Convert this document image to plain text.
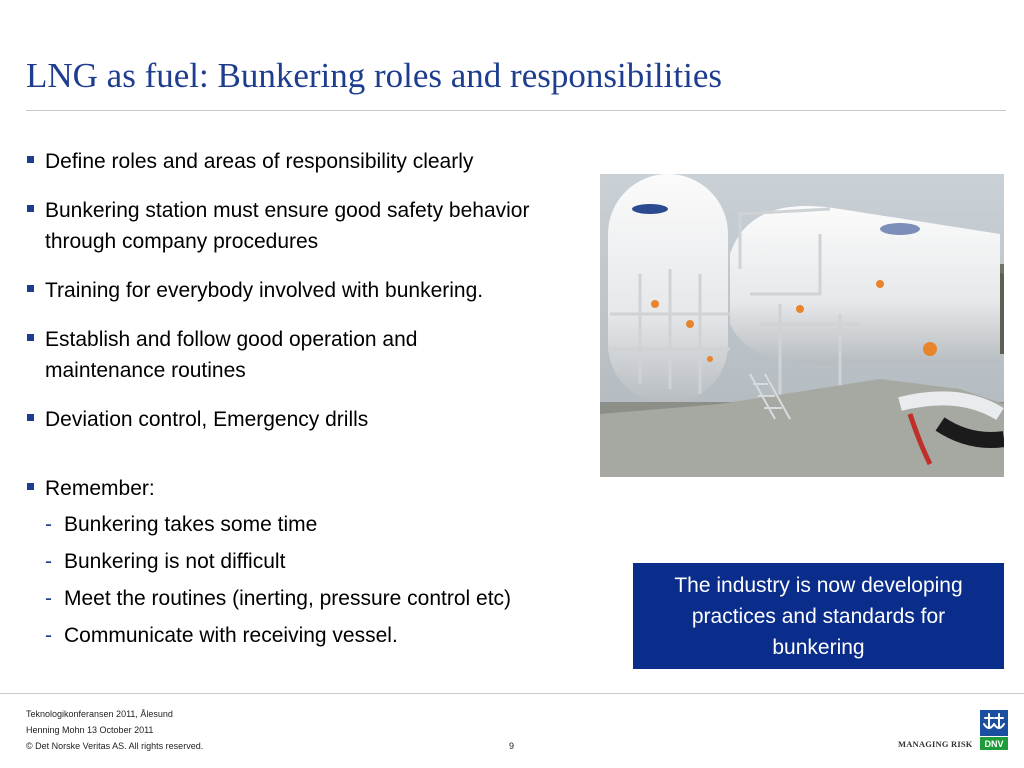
LNG as fuel: Bunkering roles and responsibilities
Define roles and areas of responsibility clearly
Bunkering station must ensure good safety behavior through company procedures
Training for everybody involved with bunkering.
Establish and follow good operation and maintenance routines
Deviation control, Emergency drills
Remember:
- Bunkering takes some time
- Bunkering is not difficult
- Meet the routines (inerting, pressure control etc)
- Communicate with receiving vessel.
The industry is now developing practices and standards for bunkering
Teknologikonferansen 2011, Ålesund
Henning Mohn 13 October 2011
© Det Norske Veritas AS. All rights reserved.	9	MANAGING RISK DNV
